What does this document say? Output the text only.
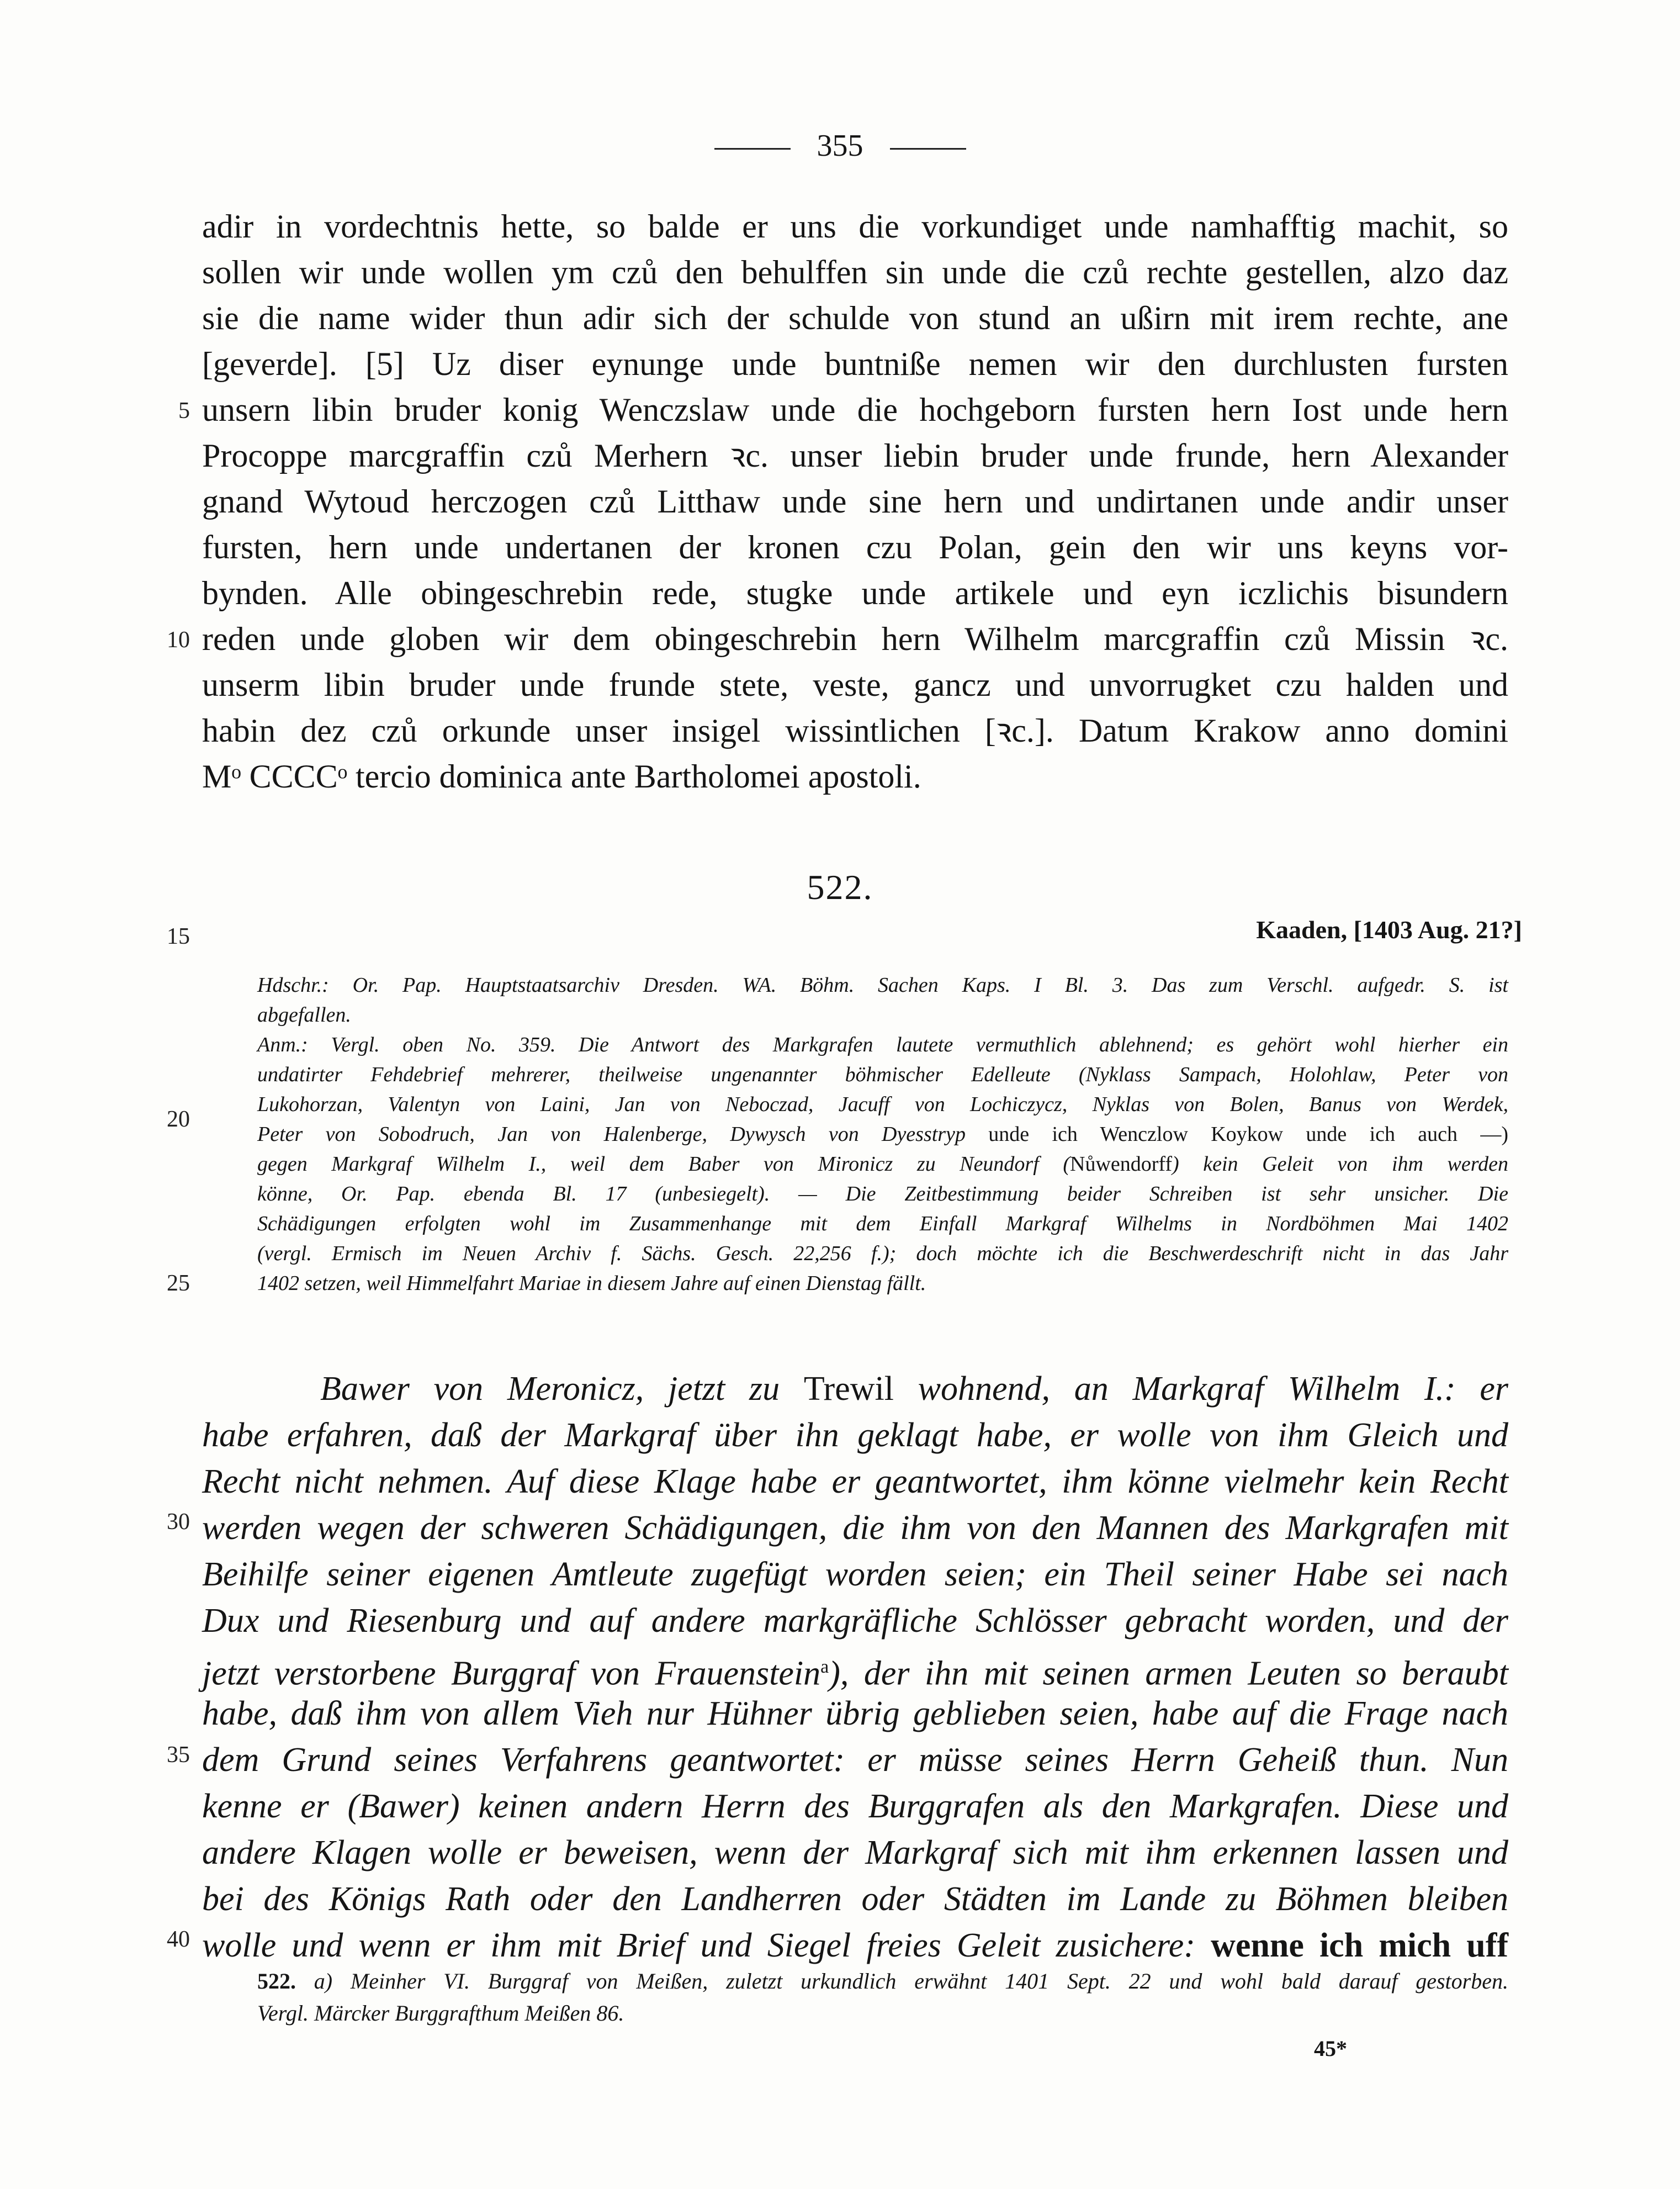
355
adir in vordechtnis hette, so balde er uns die vorkundiget unde namhafftig machit, so
sollen wir unde wollen ym czů den behulffen sin unde die czů rechte gestellen, alzo daz
sie die name wider thun adir sich der schulde von stund an ußirn mit irem rechte, ane
[geverde]. [5] Uz diser eynunge unde buntniße nemen wir den durchlusten fursten
unsern libin bruder konig Wenczslaw unde die hochgeborn fursten hern Iost unde hern
Procoppe marcgraffin czů Merhern ꝛc. unser liebin bruder unde frunde, hern Alexander
gnand Wytoud herczogen czů Litthaw unde sine hern und undirtanen unde andir unser
fursten, hern unde undertanen der kronen czu Polan, gein den wir uns keyns vor-
bynden. Alle obingeschrebin rede, stugke unde artikele und eyn iczlichis bisundern
reden unde globen wir dem obingeschrebin hern Wilhelm marcgraffin czů Missin ꝛc.
unserm libin bruder unde frunde stete, veste, gancz und unvorrugket czu halden und
habin dez czů orkunde unser insigel wissintlichen [ꝛc.]. Datum Krakow anno domini
Mᵒ CCCCᵒ tercio dominica ante Bartholomei apostoli.
5
10
15
20
25
30
35
40
522.
Kaaden, [1403 Aug. 21?]
Hdschr.: Or. Pap. Hauptstaatsarchiv Dresden. WA. Böhm. Sachen Kaps. I Bl. 3. Das zum Verschl. aufgedr. S. ist
abgefallen.
Anm.: Vergl. oben No. 359. Die Antwort des Markgrafen lautete vermuthlich ablehnend; es gehört wohl hierher ein
undatirter Fehdebrief mehrerer, theilweise ungenannter böhmischer Edelleute (Nyklass Sampach, Holohlaw, Peter von
Lukohorzan, Valentyn von Laini, Jan von Neboczad, Jacuff von Lochiczycz, Nyklas von Bolen, Banus von Werdek,
Peter von Sobodruch, Jan von Halenberge, Dywysch von Dyesstryp unde ich Wenczlow Koykow unde ich auch —)
gegen Markgraf Wilhelm I., weil dem Baber von Mironicz zu Neundorf (Nůwendorff) kein Geleit von ihm werden
könne, Or. Pap. ebenda Bl. 17 (unbesiegelt). — Die Zeitbestimmung beider Schreiben ist sehr unsicher. Die
Schädigungen erfolgten wohl im Zusammenhange mit dem Einfall Markgraf Wilhelms in Nordböhmen Mai 1402
(vergl. Ermisch im Neuen Archiv f. Sächs. Gesch. 22,256 f.); doch möchte ich die Beschwerdeschrift nicht in das Jahr
1402 setzen, weil Himmelfahrt Mariae in diesem Jahre auf einen Dienstag fällt.
Bawer von Meronicz, jetzt zu Trewil wohnend, an Markgraf Wilhelm I.: er
habe erfahren, daß der Markgraf über ihn geklagt habe, er wolle von ihm Gleich und
Recht nicht nehmen. Auf diese Klage habe er geantwortet, ihm könne vielmehr kein Recht
werden wegen der schweren Schädigungen, die ihm von den Mannen des Markgrafen mit
Beihilfe seiner eigenen Amtleute zugefügt worden seien; ein Theil seiner Habe sei nach
Dux und Riesenburg und auf andere markgräfliche Schlösser gebracht worden, und der
jetzt verstorbene Burggraf von Frauenstein$^a$), der ihn mit seinen armen Leuten so beraubt
habe, daß ihm von allem Vieh nur Hühner übrig geblieben seien, habe auf die Frage nach
dem Grund seines Verfahrens geantwortet: er müsse seines Herrn Geheiß thun. Nun
kenne er (Bawer) keinen andern Herrn des Burggrafen als den Markgrafen. Diese und
andere Klagen wolle er beweisen, wenn der Markgraf sich mit ihm erkennen lassen und
bei des Königs Rath oder den Landherren oder Städten im Lande zu Böhmen bleiben
wolle und wenn er ihm mit Brief und Siegel freies Geleit zusichere: wenne ich mich uff
522. a) Meinher VI. Burggraf von Meißen, zuletzt urkundlich erwähnt 1401 Sept. 22 und wohl bald darauf gestorben.
Vergl. Märcker Burggrafthum Meißen 86.
45*
